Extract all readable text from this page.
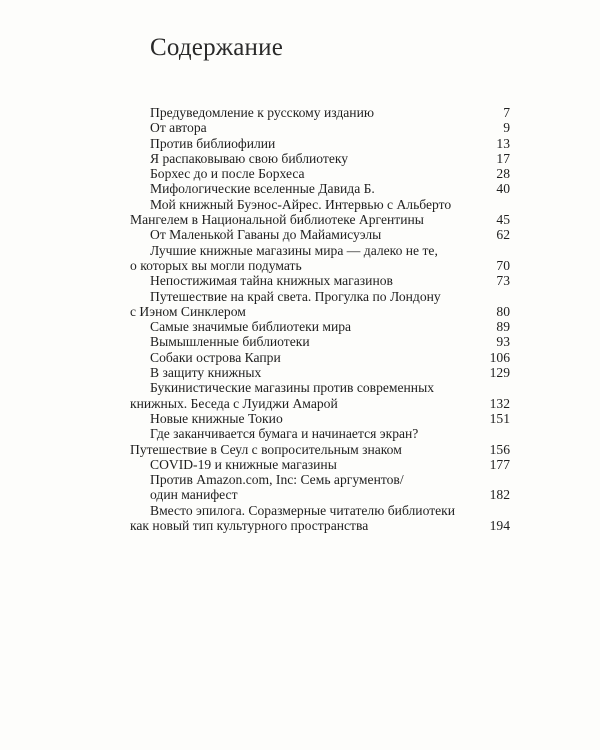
Содержание
Предуведомление к русскому изданию	7
От автора	9
Против библиофилии	13
Я распаковываю свою библиотеку	17
Борхес до и после Борхеса	28
Мифологические вселенные Давида Б.	40
Мой книжный Буэнос-Айрес. Интервью с Альберто
Мангелем в Национальной библиотеке Аргентины	45
От Маленькой Гаваны до Майамисуэлы	62
Лучшие книжные магазины мира — далеко не те,
о которых вы могли подумать	70
Непостижимая тайна книжных магазинов	73
Путешествие на край света. Прогулка по Лондону
с Иэном Синклером	80
Самые значимые библиотеки мира	89
Вымышленные библиотеки	93
Собаки острова Капри	106
В защиту книжных	129
Букинистические магазины против современных
книжных. Беседа с Луиджи Амарой	132
Новые книжные Токио	151
Где заканчивается бумага и начинается экран?
Путешествие в Сеул с вопросительным знаком	156
COVID-19 и книжные магазины	177
Против Amazon.com, Inc: Семь аргументов/
один манифест	182
Вместо эпилога. Соразмерные читателю библиотеки
как новый тип культурного пространства	194
